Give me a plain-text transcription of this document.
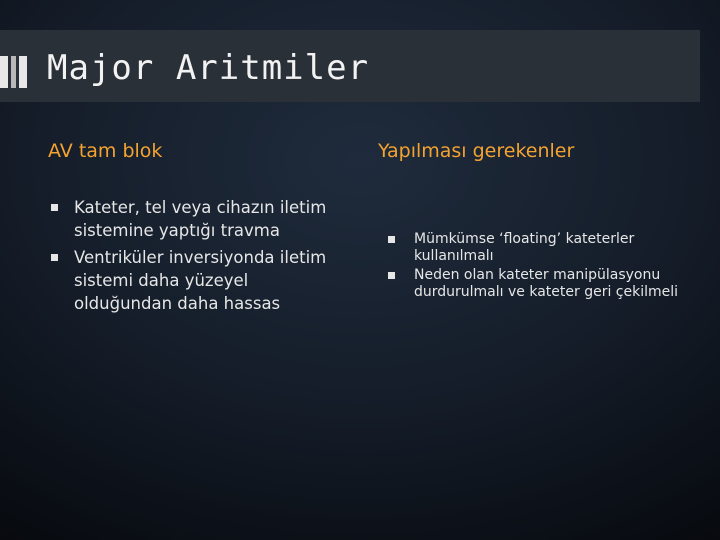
Major Aritmiler
AV tam blok
Kateter, tel veya cihazın iletim sistemine yaptığı travma
Ventriküler inversiyonda iletim sistemi daha yüzeyel olduğundan daha hassas
Yapılması gerekenler
Mümkümse ‘floating’ kateterler kullanılmalı
Neden olan kateter manipülasyonu durdurulmalı ve kateter geri çekilmeli
